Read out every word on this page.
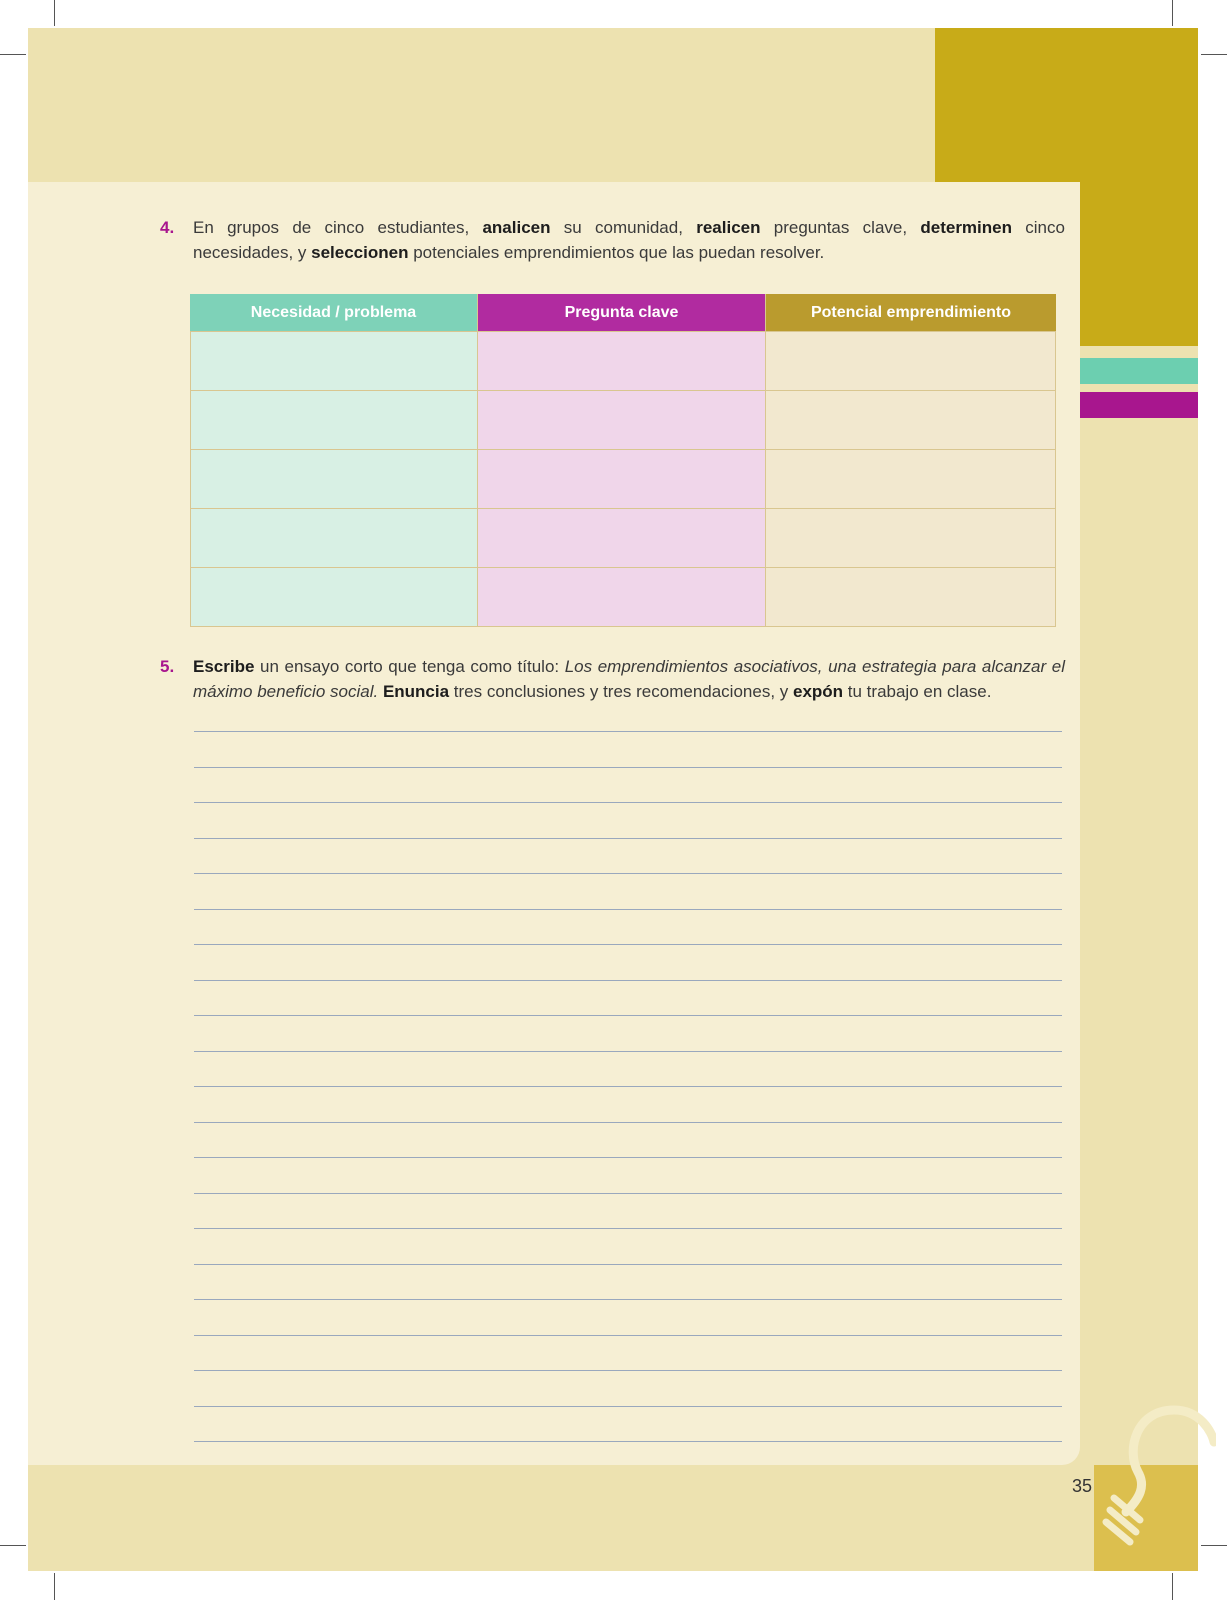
35
4. En grupos de cinco estudiantes, analicen su comunidad, realicen preguntas clave, determinen cinco necesidades, y seleccionen potenciales emprendimientos que las puedan resolver.
Necesidad / problema	Pregunta clave	Potencial emprendimiento
5. Escribe un ensayo corto que tenga como título: Los emprendimientos asociativos, una estrategia para alcanzar el máximo beneficio social. Enuncia tres conclusiones y tres recomendaciones, y expón tu trabajo en clase.
